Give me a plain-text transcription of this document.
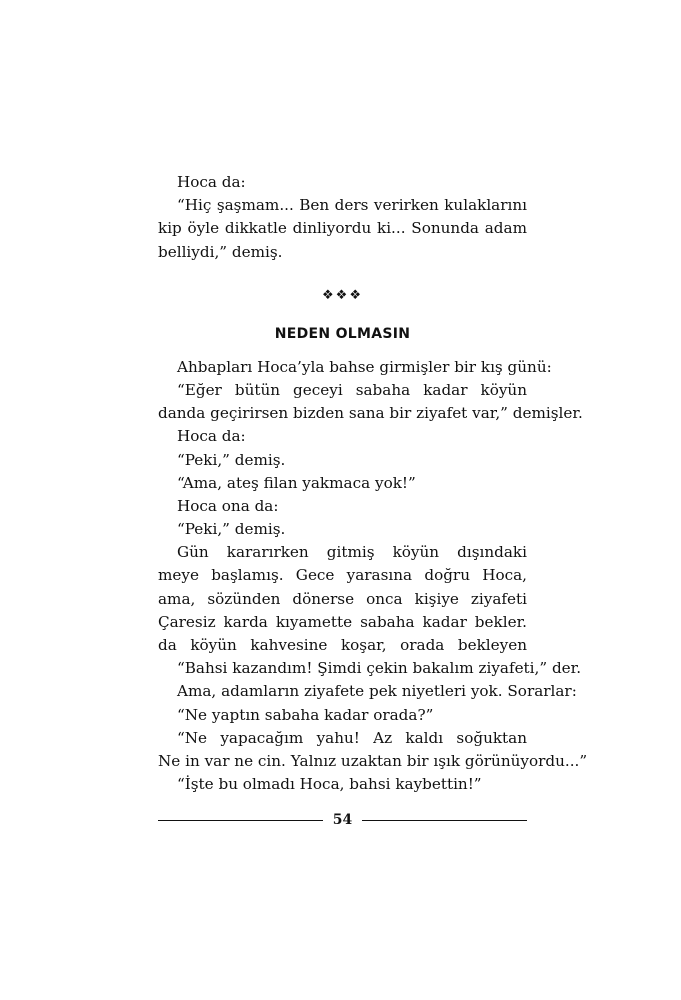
Hoca da:

“Hiç şaşmam... Ben ders verirken kulaklarını

kip öyle dikkatle dinliyordu ki... Sonunda adam

belliydi,” demiş.

❖❖❖
NEDEN OLMASIN

Ahbapları Hoca’yla bahse girmişler bir kış günü:

“Eğer bütün geceyi sabaha kadar köyün

danda geçirirsen bizden sana bir ziyafet var,” demişler.

Hoca da:

“Peki,” demiş.

“Ama, ateş filan yakmaca yok!”

Hoca ona da:

“Peki,” demiş.

Gün kararırken gitmiş köyün dışındaki

meye başlamış. Gece yarasına doğru Hoca,

ama, sözünden dönerse onca kişiye ziyafeti

Çaresiz karda kıyamette sabaha kadar bekler.

da köyün kahvesine koşar, orada bekleyen

“Bahsi kazandım! Şimdi çekin bakalım ziyafeti,” der.

Ama, adamların ziyafete pek niyetleri yok. Sorarlar:

“Ne yaptın sabaha kadar orada?”

“Ne yapacağım yahu! Az kaldı soğuktan

Ne in var ne cin. Yalnız uzaktan bir ışık görünüyordu...”

“İşte bu olmadı Hoca, bahsi kaybettin!”

54
